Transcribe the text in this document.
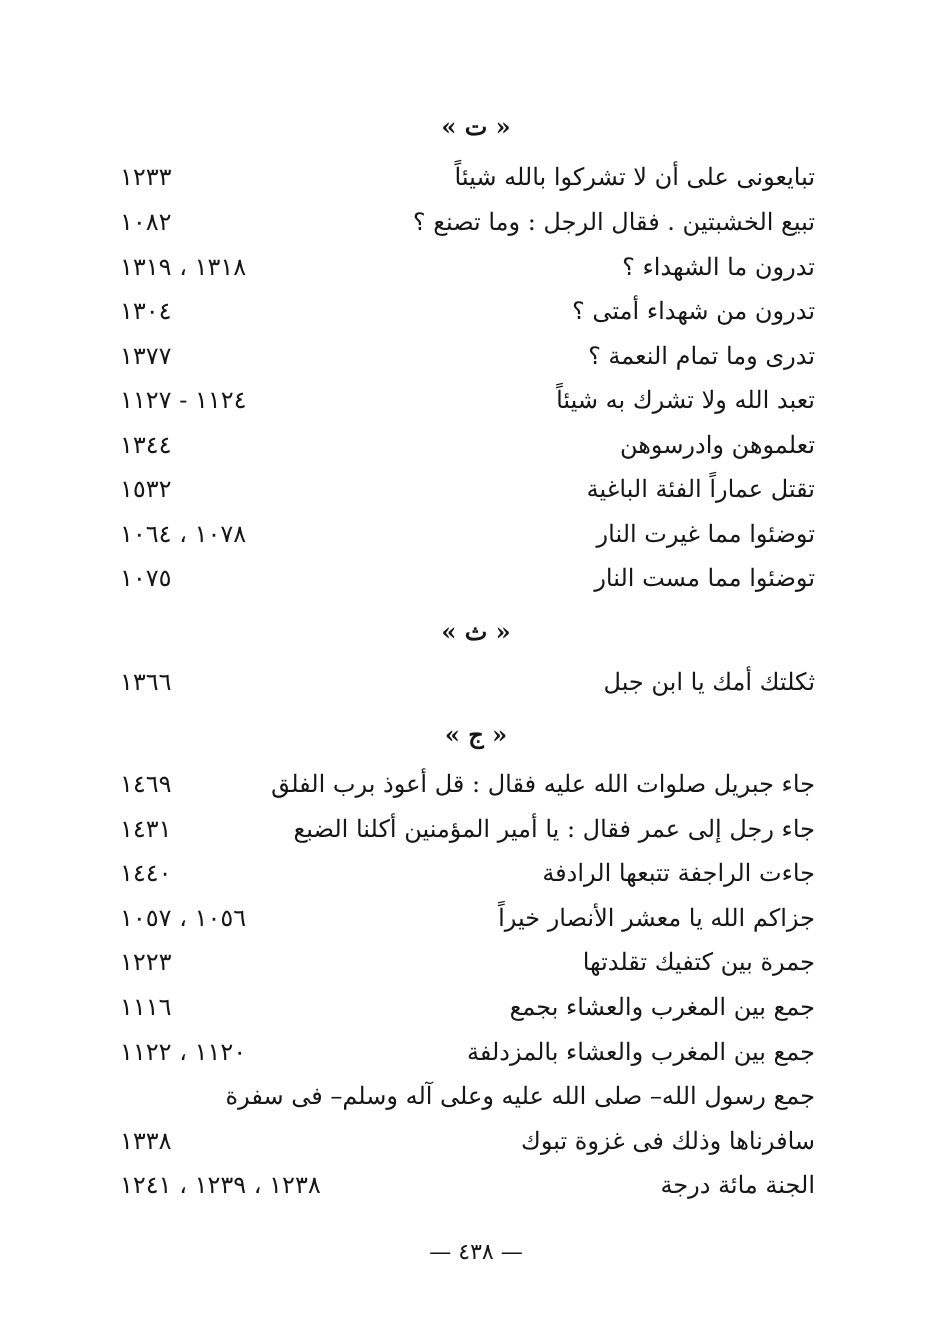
« ت »
تبايعونى على أن لا تشركوا بالله شيئاً
١٢٣٣
تبيع الخشبتين . فقال الرجل : وما تصنع ؟
١٠٨٢
تدرون ما الشهداء ؟
١٣١٨ ، ١٣١٩
تدرون من شهداء أمتى ؟
١٣٠٤
تدرى وما تمام النعمة ؟
١٣٧٧
تعبد الله ولا تشرك به شيئاً
١١٢٤ - ١١٢٧
تعلموهن وادرسوهن
١٣٤٤
تقتل عماراً الفئة الباغية
١٥٣٢
توضئوا مما غيرت النار
١٠٧٨ ، ١٠٦٤
توضئوا مما مست النار
١٠٧٥
« ث »
ثكلتك أمك يا ابن جبل
١٣٦٦
« ج »
جاء جبريل صلوات الله عليه فقال : قل أعوذ برب الفلق
١٤٦٩
جاء رجل إلى عمر فقال : يا أمير المؤمنين أكلنا الضبع
١٤٣١
جاءت الراجفة تتبعها الرادفة
١٤٤٠
جزاكم الله يا معشر الأنصار خيراً
١٠٥٦ ، ١٠٥٧
جمرة بين كتفيك تقلدتها
١٢٢٣
جمع بين المغرب والعشاء بجمع
١١١٦
جمع بين المغرب والعشاء بالمزدلفة
١١٢٠ ، ١١٢٢
جمع رسول الله– صلى الله عليه وعلى آله وسلم– فى سفرة
سافرناها وذلك فى غزوة تبوك
١٣٣٨
الجنة مائة درجة
١٢٣٨ ، ١٢٣٩ ، ١٢٤١
— ٤٣٨ —
